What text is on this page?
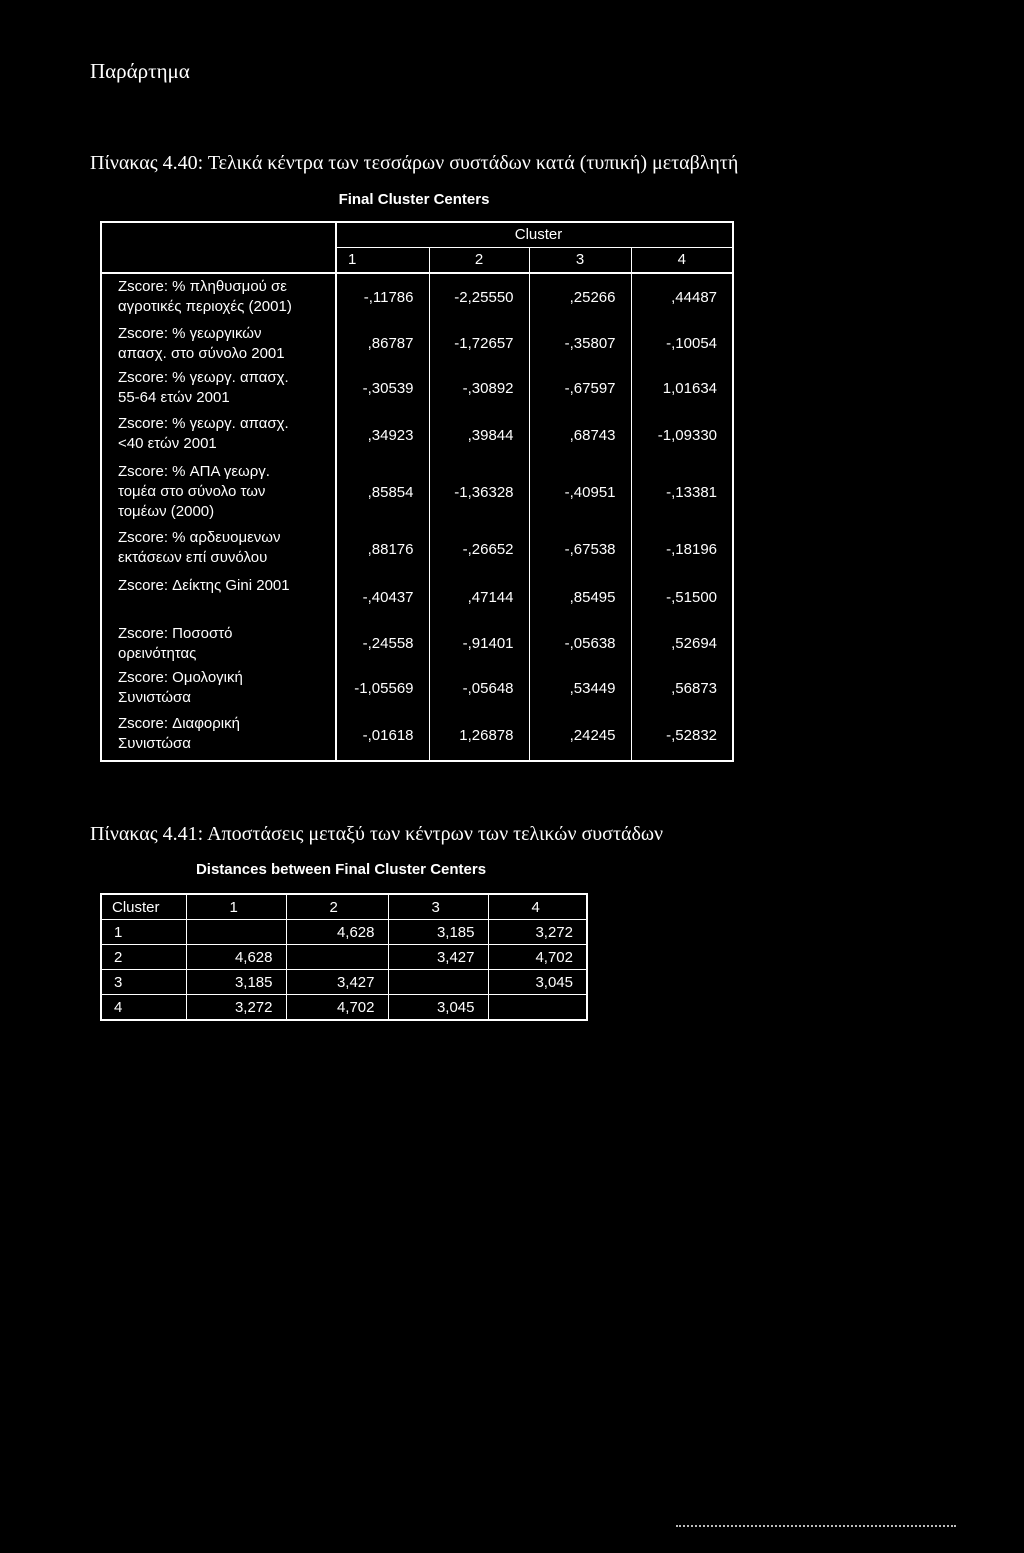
Παράρτημα
Πίνακας 4.40: Τελικά κέντρα των τεσσάρων συστάδων κατά (τυπική) μεταβλητή
Final Cluster Centers
	Cluster			
	1	2	3	4

Zscore: % πληθυσμού σε
αγροτικές περιοχές (2001)	-,11786	-2,25550	,25266	,44487

Zscore: % γεωργικών
απασχ. στο σύνολο 2001	,86787	-1,72657	-,35807	-,10054

Zscore: % γεωργ. απασχ.
55-64 ετών 2001	-,30539	-,30892	-,67597	1,01634

Zscore: % γεωργ. απασχ.
<40 ετών 2001	,34923	,39844	,68743	-1,09330

Zscore: % ΑΠΑ γεωργ.
τομέα στο σύνολο των
τομέων (2000)	,85854	-1,36328	-,40951	-,13381

Zscore: % αρδευομενων
εκτάσεων επί συνόλου	,88176	-,26652	-,67538	-,18196

Zscore: Δείκτης Gini 2001	-,40437	,47144	,85495	-,51500

Zscore: Ποσοστό
ορεινότητας	-,24558	-,91401	-,05638	,52694

Zscore: Ομολογική
Συνιστώσα	-1,05569	-,05648	,53449	,56873

Zscore: Διαφορική
Συνιστώσα	-,01618	1,26878	,24245	-,52832
Πίνακας 4.41: Αποστάσεις μεταξύ των κέντρων των τελικών συστάδων
Distances between Final Cluster Centers
Cluster	1	2	3	4
1		4,628	3,185	3,272
2	4,628		3,427	4,702
3	3,185	3,427		3,045
4	3,272	4,702	3,045	
